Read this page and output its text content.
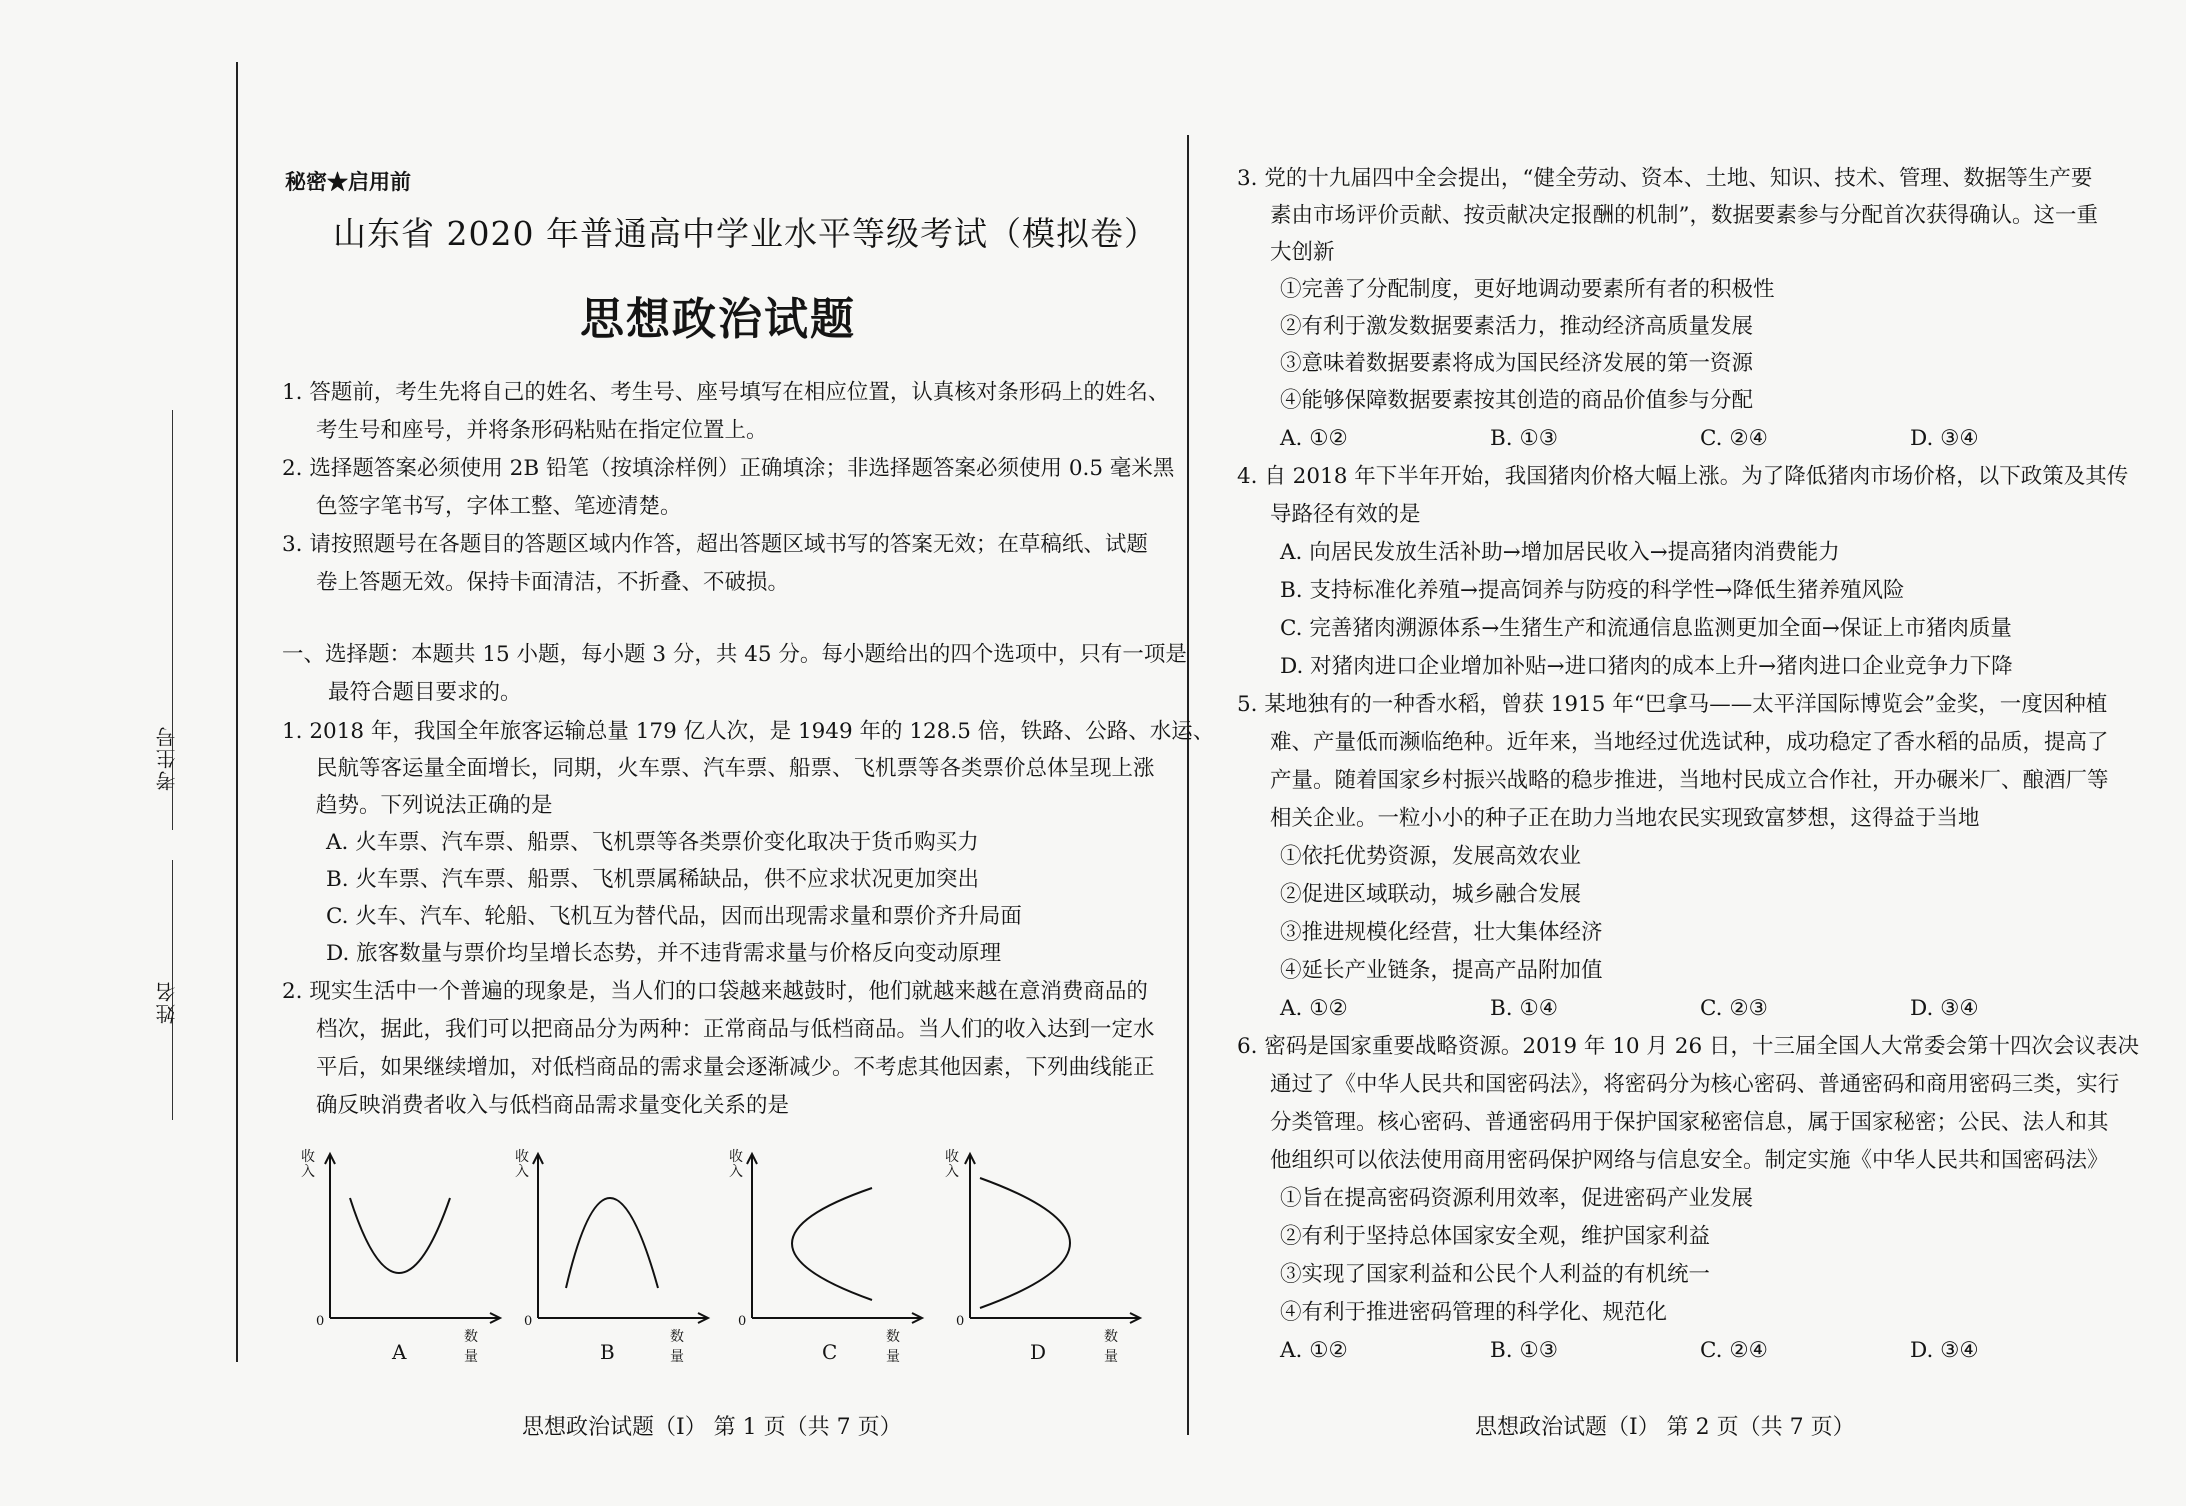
考生号
姓名
秘密★启用前
山东省 2020 年普通高中学业水平等级考试（模拟卷）
思想政治试题
1. 答题前，考生先将自己的姓名、考生号、座号填写在相应位置，认真核对条形码上的姓名、
考生号和座号，并将条形码粘贴在指定位置上。
2. 选择题答案必须使用 2B 铅笔（按填涂样例）正确填涂；非选择题答案必须使用 0.5 毫米黑
色签字笔书写，字体工整、笔迹清楚。
3. 请按照题号在各题目的答题区域内作答，超出答题区域书写的答案无效；在草稿纸、试题
卷上答题无效。保持卡面清洁，不折叠、不破损。
一、选择题：本题共 15 小题，每小题 3 分，共 45 分。每小题给出的四个选项中，只有一项是
最符合题目要求的。
1. 2018 年，我国全年旅客运输总量 179 亿人次，是 1949 年的 128.5 倍，铁路、公路、水运、
民航等客运量全面增长，同期，火车票、汽车票、船票、飞机票等各类票价总体呈现上涨
趋势。下列说法正确的是
A. 火车票、汽车票、船票、飞机票等各类票价变化取决于货币购买力
B. 火车票、汽车票、船票、飞机票属稀缺品，供不应求状况更加突出
C. 火车、汽车、轮船、飞机互为替代品，因而出现需求量和票价齐升局面
D. 旅客数量与票价均呈增长态势，并不违背需求量与价格反向变动原理
2. 现实生活中一个普遍的现象是，当人们的口袋越来越鼓时，他们就越来越在意消费商品的
档次，据此，我们可以把商品分为两种：正常商品与低档商品。当人们的收入达到一定水
平后，如果继续增加，对低档商品的需求量会逐渐减少。不考虑其他因素，下列曲线能正
确反映消费者收入与低档商品需求量变化关系的是
收入
0
数量
A
收入
0
数量
B
收入
0
数量
C
收入
0
数量
D
思想政治试题（Ⅰ） 第 1 页（共 7 页）
3. 党的十九届四中全会提出，“健全劳动、资本、土地、知识、技术、管理、数据等生产要
素由市场评价贡献、按贡献决定报酬的机制”，数据要素参与分配首次获得确认。这一重
大创新
①完善了分配制度，更好地调动要素所有者的积极性
②有利于激发数据要素活力，推动经济高质量发展
③意味着数据要素将成为国民经济发展的第一资源
④能够保障数据要素按其创造的商品价值参与分配
A. ①②	B. ①③	C. ②④	D. ③④
4. 自 2018 年下半年开始，我国猪肉价格大幅上涨。为了降低猪肉市场价格，以下政策及其传
导路径有效的是
A. 向居民发放生活补助→增加居民收入→提高猪肉消费能力
B. 支持标准化养殖→提高饲养与防疫的科学性→降低生猪养殖风险
C. 完善猪肉溯源体系→生猪生产和流通信息监测更加全面→保证上市猪肉质量
D. 对猪肉进口企业增加补贴→进口猪肉的成本上升→猪肉进口企业竞争力下降
5. 某地独有的一种香水稻，曾获 1915 年“巴拿马——太平洋国际博览会”金奖，一度因种植
难、产量低而濒临绝种。近年来，当地经过优选试种，成功稳定了香水稻的品质，提高了
产量。随着国家乡村振兴战略的稳步推进，当地村民成立合作社，开办碾米厂、酿酒厂等
相关企业。一粒小小的种子正在助力当地农民实现致富梦想，这得益于当地
①依托优势资源，发展高效农业
②促进区域联动，城乡融合发展
③推进规模化经营，壮大集体经济
④延长产业链条，提高产品附加值
A. ①②	B. ①④	C. ②③	D. ③④
6. 密码是国家重要战略资源。2019 年 10 月 26 日，十三届全国人大常委会第十四次会议表决
通过了《中华人民共和国密码法》，将密码分为核心密码、普通密码和商用密码三类，实行
分类管理。核心密码、普通密码用于保护国家秘密信息，属于国家秘密；公民、法人和其
他组织可以依法使用商用密码保护网络与信息安全。制定实施《中华人民共和国密码法》
①旨在提高密码资源利用效率，促进密码产业发展
②有利于坚持总体国家安全观，维护国家利益
③实现了国家利益和公民个人利益的有机统一
④有利于推进密码管理的科学化、规范化
A. ①②	B. ①③	C. ②④	D. ③④
思想政治试题（Ⅰ） 第 2 页（共 7 页）
